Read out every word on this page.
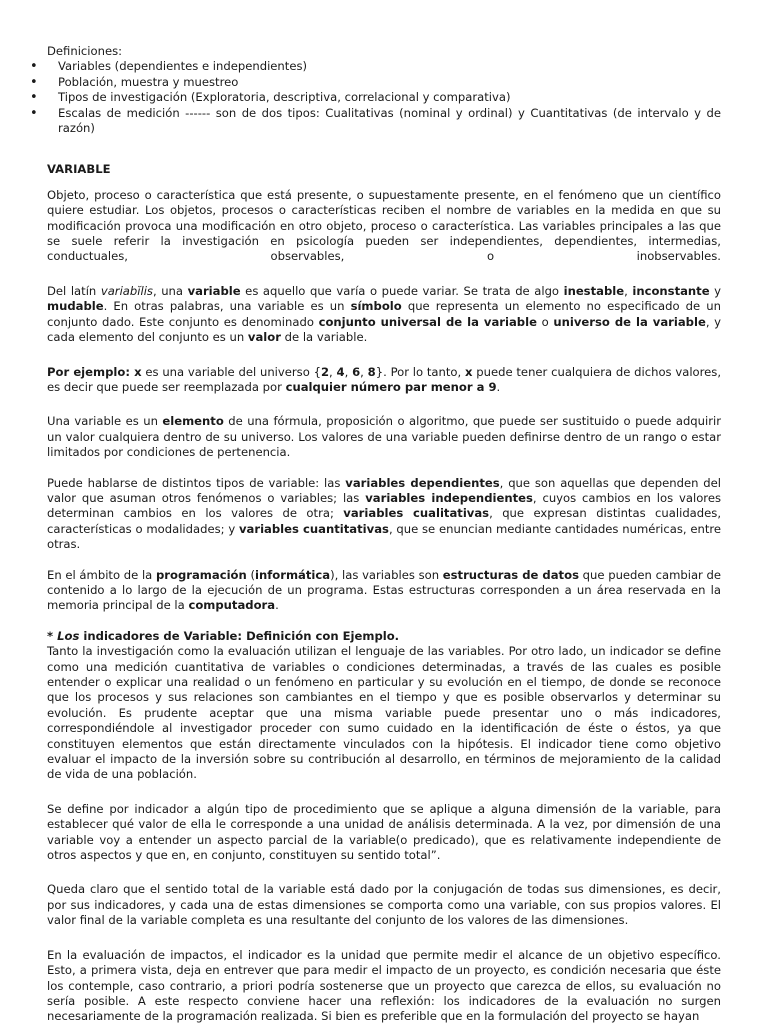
Definiciones:
• Variables (dependientes e independientes)
• Población, muestra y muestreo
• Tipos de investigación (Exploratoria, descriptiva, correlacional y comparativa)
• Escalas de medición ------ son de dos tipos: Cualitativas (nominal y ordinal) y Cuantitativas (de intervalo y de razón)
VARIABLE

Objeto, proceso o característica que está presente, o supuestamente presente, en el fenómeno que un científico quiere estudiar. Los objetos, procesos o características reciben el nombre de variables en la medida en que su modificación provoca una modificación en otro objeto, proceso o característica. Las variables principales a las que se suele referir la investigación en psicología pueden ser independientes, dependientes, intermedias, conductuales, observables, o inobservables.

Del latín variabĭlis, una variable es aquello que varía o puede variar. Se trata de algo inestable, inconstante y mudable. En otras palabras, una variable es un símbolo que representa un elemento no especificado de un conjunto dado. Este conjunto es denominado conjunto universal de la variable o universo de la variable, y cada elemento del conjunto es un valor de la variable.

Por ejemplo: x es una variable del universo {2, 4, 6, 8}. Por lo tanto, x puede tener cualquiera de dichos valores, es decir que puede ser reemplazada por cualquier número par menor a 9.

Una variable es un elemento de una fórmula, proposición o algoritmo, que puede ser sustituido o puede adquirir un valor cualquiera dentro de su universo. Los valores de una variable pueden definirse dentro de un rango o estar limitados por condiciones de pertenencia.

Puede hablarse de distintos tipos de variable: las variables dependientes, que son aquellas que dependen del valor que asuman otros fenómenos o variables; las variables independientes, cuyos cambios en los valores determinan cambios en los valores de otra; variables cualitativas, que expresan distintas cualidades, características o modalidades; y variables cuantitativas, que se enuncian mediante cantidades numéricas, entre otras.

En el ámbito de la programación (informática), las variables son estructuras de datos que pueden cambiar de contenido a lo largo de la ejecución de un programa. Estas estructuras corresponden a un área reservada en la memoria principal de la computadora.

* Los indicadores de Variable: Definición con Ejemplo.

Tanto la investigación como la evaluación utilizan el lenguaje de las variables. Por otro lado, un indicador se define como una medición cuantitativa de variables o condiciones determinadas, a través de las cuales es posible entender o explicar una realidad o un fenómeno en particular y su evolución en el tiempo, de donde se reconoce que los procesos y sus relaciones son cambiantes en el tiempo y que es posible observarlos y determinar su evolución. Es prudente aceptar que una misma variable puede presentar uno o más indicadores, correspondiéndole al investigador proceder con sumo cuidado en la identificación de éste o éstos, ya que constituyen elementos que están directamente vinculados con la hipótesis. El indicador tiene como objetivo evaluar el impacto de la inversión sobre su contribución al desarrollo, en términos de mejoramiento de la calidad de vida de una población.

Se define por indicador a algún tipo de procedimiento que se aplique a alguna dimensión de la variable, para establecer qué valor de ella le corresponde a una unidad de análisis determinada. A la vez, por dimensión de una variable voy a entender un aspecto parcial de la variable(o predicado), que es relativamente independiente de otros aspectos y que en, en conjunto, constituyen su sentido total”.

Queda claro que el sentido total de la variable está dado por la conjugación de todas sus dimensiones, es decir, por sus indicadores, y cada una de estas dimensiones se comporta como una variable, con sus propios valores. El valor final de la variable completa es una resultante del conjunto de los valores de las dimensiones.

En la evaluación de impactos, el indicador es la unidad que permite medir el alcance de un objetivo específico. Esto, a primera vista, deja en entrever que para medir el impacto de un proyecto, es condición necesaria que éste los contemple, caso contrario, a priori podría sostenerse que un proyecto que carezca de ellos, su evaluación no sería posible. A este respecto conviene hacer una reflexión: los indicadores de la evaluación no surgen necesariamente de la programación realizada. Si bien es preferible que en la formulación del proyecto se hayan
